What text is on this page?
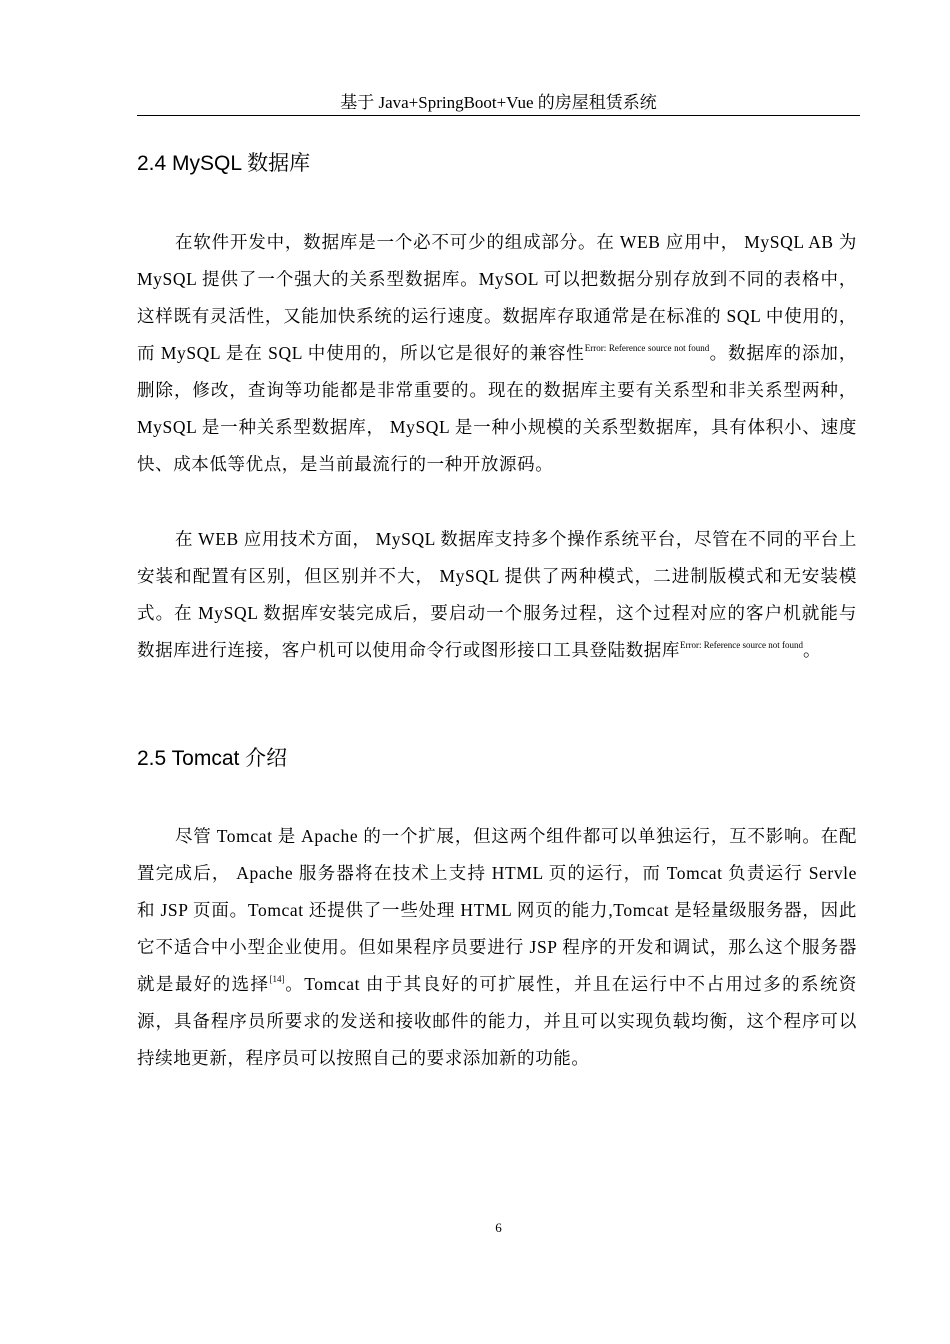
基于 Java+SpringBoot+Vue 的房屋租赁系统
2.4 MySQL 数据库

在软件开发中，数据库是一个必不可少的组成部分。在 WEB 应用中， MySQL AB 为 MySQL 提供了一个强大的关系型数据库。MySOL 可以把数据分别存放到不同的表格中，这样既有灵活性，又能加快系统的运行速度。数据库存取通常是在标准的 SQL 中使用的，而 MySQL 是在 SQL 中使用的，所以它是很好的兼容性$^{Error: Reference source not found}$。数据库的添加，删除，修改，查询等功能都是非常重要的。现在的数据库主要有关系型和非关系型两种， MySQL 是一种关系型数据库， MySQL 是一种小规模的关系型数据库，具有体积小、速度快、成本低等优点，是当前最流行的一种开放源码。

在 WEB 应用技术方面， MySQL 数据库支持多个操作系统平台，尽管在不同的平台上安装和配置有区别，但区别并不大， MySQL 提供了两种模式，二进制版模式和无安装模式。在 MySQL 数据库安装完成后，要启动一个服务过程，这个过程对应的客户机就能与数据库进行连接，客户机可以使用命令行或图形接口工具登陆数据库$^{Error: Reference source not found}$。

2.5 Tomcat 介绍

尽管 Tomcat 是 Apache 的一个扩展，但这两个组件都可以单独运行，互不影响。在配置完成后， Apache 服务器将在技术上支持 HTML 页的运行，而 Tomcat 负责运行 Servle 和 JSP 页面。Tomcat 还提供了一些处理 HTML 网页的能力,Tomcat 是轻量级服务器，因此它不适合中小型企业使用。但如果程序员要进行 JSP 程序的开发和调试，那么这个服务器就是最好的选择[14]。Tomcat 由于其良好的可扩展性，并且在运行中不占用过多的系统资源，具备程序员所要求的发送和接收邮件的能力，并且可以实现负载均衡，这个程序可以持续地更新，程序员可以按照自己的要求添加新的功能。

6
